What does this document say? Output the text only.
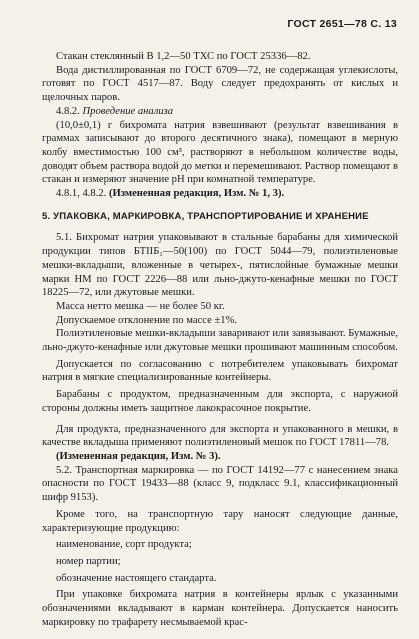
ГОСТ 2651—78 С. 13

Стакан стеклянный В 1,2—50 ТХС по ГОСТ 25336—82.

Вода дистиллированная по ГОСТ 6709—72, не содержащая углекислоты, готовят по ГОСТ 4517—87. Воду следует предохранять от кислых и щелочных паров.

4.8.2. Проведение анализа

(10,0±0,1) г бихромата натрия взвешивают (результат взвешивания в граммах записывают до второго десятичного знака), помещают в мерную колбу вместимостью 100 см³, растворяют в небольшом количестве воды, доводят объем раствора водой до метки и перемешивают. Раствор помещают в стакан и измеряют значение рН при комнатной температуре.

4.8.1, 4.8.2. (Измененная редакция, Изм. № 1, 3).

5. УПАКОВКА, МАРКИРОВКА, ТРАНСПОРТИРОВАНИЕ И ХРАНЕНИЕ

5.1. Бихромат натрия упаковывают в стальные барабаны для химической продукции типов БТIIБ₁—50(100) по ГОСТ 5044—79, полиэтиленовые мешки-вкладыши, вложенные в четырех-, пятислойные бумажные мешки марки НМ по ГОСТ 2226—88 или льно-джуто-кенафные мешки по ГОСТ 18225—72, или джутовые мешки.

Масса нетто мешка — не более 50 кг.

Допускаемое отклонение по массе ±1%.

Полиэтиленовые мешки-вкладыши заваривают или завязывают. Бумажные, льно-джуто-кенафные или джутовые мешки прошивают машинным способом.

Допускается по согласованию с потребителем упаковывать бихромат натрия в мягкие специализированные контейнеры.

Барабаны с продуктом, предназначенным для экспорта, с наружной стороны должны иметь защитное лакокрасочное покрытие.

Для продукта, предназначенного для экспорта и упакованного в мешки, в качестве вкладыша применяют полиэтиленовый мешок по ГОСТ 17811—78.

(Измененная редакция, Изм. № 3).

5.2. Транспортная маркировка — по ГОСТ 14192—77 с нанесением знака опасности по ГОСТ 19433—88 (класс 9, подкласс 9.1, классификационный шифр 9153).

Кроме того, на транспортную тару наносят следующие данные, характеризующие продукцию:

наименование, сорт продукта;

номер партии;

обозначение настоящего стандарта.

При упаковке бихромата натрия в контейнеры ярлык с указанными обозначениями вкладывают в карман контейнера. Допускается наносить маркировку по трафарету несмываемой крас-
